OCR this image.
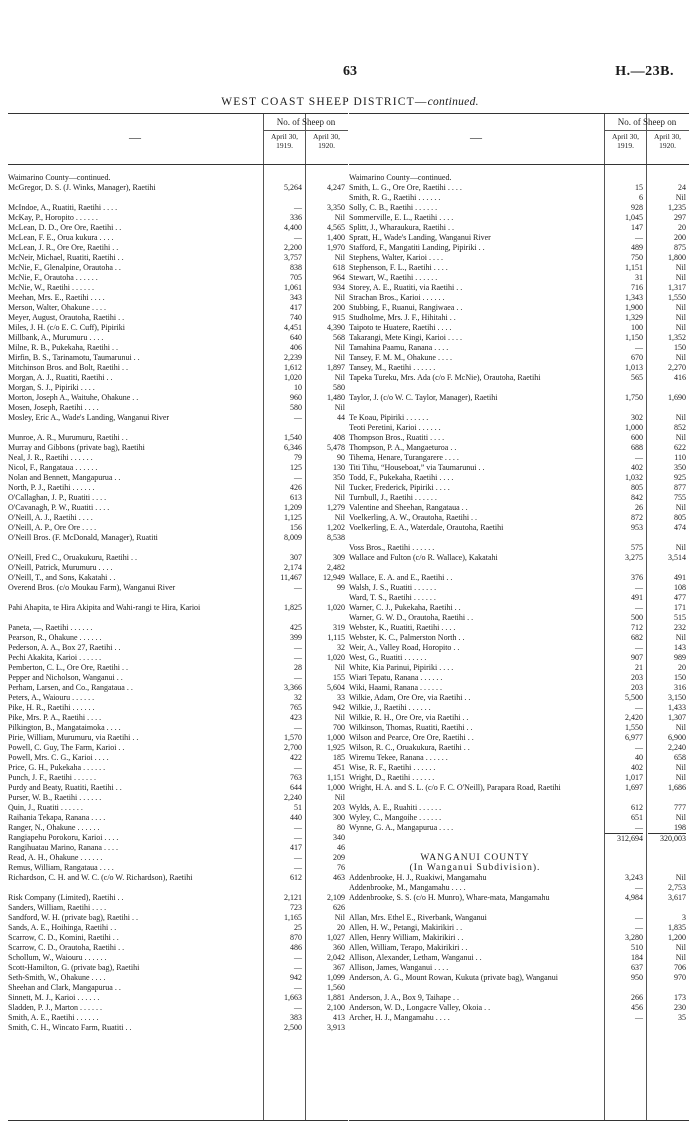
63	H.—23B.
WEST COAST SHEEP DISTRICT—continued.
—
No. of Sheep on
April 30, 1919.
April 30, 1920.
Waimarino County—continued.
McGregor, D. S. (J. Winks, Manager), Raetihi	5,264	4,247
McIndoe, A., Ruatiti, Raetihi . . . .	—	3,350
McKay, P., Horopito . . . . . .	336	Nil
McLean, D. D., Ore Ore, Raetihi . .	4,400	4,565
McLean, F. E., Orua kukura . . . .	—	1,400
McLean, J. R., Ore Ore, Raetihi . .	2,200	1,970
McNeir, Michael, Ruatiti, Raetihi . .	3,757	Nil
McNie, F., Glenalpine, Orautoha . .	838	618
McNie, F., Orautoha . . . . . .	705	964
McNie, W., Raetihi . . . . . .	1,061	934
Meehan, Mrs. E., Raetihi . . . .	343	Nil
Merson, Walter, Ohakune . . . .	417	200
Meyer, August, Orautoha, Raetihi . .	740	915
Miles, J. H. (c/o E. C. Cuff), Pipiriki	4,451	4,390
Millbank, A., Murumuru . . . .	640	568
Milne, R. B., Pukekaha, Raetihi . .	406	Nil
Mirfin, B. S., Tarinamotu, Taumarunui . .	2,239	Nil
Mitchinson Bros. and Bolt, Raetihi . .	1,612	1,897
Morgan, A. J., Ruatiti, Raetihi . .	1,020	Nil
Morgan, S. J., Pipiriki . . . .	10	580
Morton, Joseph A., Waituhe, Ohakune . .	960	1,480
Mosen, Joseph, Raetihi . . . .	580	Nil
Mosley, Eric A., Wade's Landing, Wanganui River	—	44
Munroe, A. R., Murumuru, Raetihi . .	1,540	408
Murray and Gibbons (private bag), Raetihi	6,346	5,478
Neal, J. R., Raetihi . . . . . .	79	90
Nicol, F., Rangataua . . . . . .	125	130
Nolan and Bennett, Mangapurua . .	—	350
North, P. J., Raetihi . . . . . .	426	Nil
O'Callaghan, J. P., Ruatiti . . . .	613	Nil
O'Cavanagh, P. W., Ruatiti . . . .	1,209	1,279
O'Neill, A. J., Raetihi . . . .	1,125	Nil
O'Neill, A. P., Ore Ore . . . .	156	1,202
O'Neill Bros. (F. McDonald, Manager), Ruatiti	8,009	8,538
O'Neill, Fred C., Oruakukuru, Raetihi . .	307	309
O'Neill, Patrick, Murumuru . . . .	2,174	2,482
O'Neill, T., and Sons, Kakatahi . .	11,467	12,949
Overend Bros. (c/o Moukau Farm), Wanganui River	—	99
Pahi Ahapita, te Hira Akipita and Wahi-rangi te Hira, Karioi	1,825	1,020
Paneta, —, Raetihi . . . . . .	425	319
Pearson, R., Ohakune . . . . . .	399	1,115
Pederson, A. A., Box 27, Raetihi . .	—	32
Pechi Akakita, Karioi . . . . . .	—	1,020
Pemberton, C. L., Ore Ore, Raetihi . .	28	Nil
Pepper and Nicholson, Wanganui . .	—	155
Perham, Larsen, and Co., Rangataua . .	3,366	5,604
Peters, A., Waiouru . . . . . .	32	33
Pike, H. R., Raetihi . . . . . .	765	942
Pike, Mrs. P. A., Raetihi . . . .	423	Nil
Pilkington, B., Mangataimoka . . . .	—	700
Pirie, William, Murumuru, via Raetihi . .	1,570	1,000
Powell, C. Guy, The Farm, Karioi . .	2,700	1,925
Powell, Mrs. C. G., Karioi . . . .	422	185
Price, G. H., Pukekaha . . . . . .	—	451
Punch, J. F., Raetihi . . . . . .	763	1,151
Purdy and Beaty, Ruatiti, Raetihi . .	644	1,000
Purser, W. B., Raetihi . . . . . .	2,240	Nil
Quin, J., Ruatiti . . . . . .	51	203
Raihania Tekapa, Ranana . . . .	440	300
Ranger, N., Ohakune . . . . . .	—	80
Rangiapehu Porokoru, Karioi . . . .	—	340
Rangihuatau Marino, Ranana . . . .	417	46
Read, A. H., Ohakune . . . . . .	—	209
Remus, William, Rangataua . . . .	—	76
Richardson, C. H. and W. C. (c/o W. Richardson), Raetihi	612	463
Risk Company (Limited), Raetihi . .	2,121	2,109
Sanders, William, Raetihi . . . .	723	626
Sandford, W. H. (private bag), Raetihi . .	1,165	Nil
Sands, A. E., Hoihinga, Raetihi . .	25	20
Scarrow, C. D., Komini, Raetihi . .	870	1,027
Scarrow, C. D., Orautoha, Raetihi . .	486	360
Schollum, W., Waiouru . . . . . .	—	2,042
Scott-Hamilton, G. (private bag), Raetihi	—	367
Seth-Smith, W., Ohakune . . . .	942	1,099
Sheehan and Clark, Mangapurua . .	—	1,560
Sinnett, M. J., Karioi . . . . . .	1,663	1,881
Sladden, P. J., Marton . . . . . .	—	2,100
Smith, A. E., Raetihi . . . . . .	383	413
Smith, C. H., Wincato Farm, Ruatiti . .	2,500	3,913
—
No. of Sheep on
April 30, 1919.
April 30, 1920.
Waimarino County—continued.
Smith, L. G., Ore Ore, Raetihi . . . .	15	24
Smith, R. G., Raetihi . . . . . .	6	Nil
Solly, C. B., Raetihi . . . . . .	928	1,235
Sommerville, E. L., Raetihi . . . .	1,045	297
Splitt, J., Wharaukura, Raetihi . .	147	20
Spratt, H., Wade's Landing, Wanganui River	—	200
Stafford, F., Mangatiti Landing, Pipiriki . .	489	875
Stephens, Walter, Karioi . . . .	750	1,800
Stephenson, F. L., Raetihi . . . .	1,151	Nil
Stewart, W., Raetihi . . . . . .	31	Nil
Storey, A. E., Ruatiti, via Raetihi . .	716	1,317
Strachan Bros., Karioi . . . . . .	1,343	1,550
Stubbing, F., Ruanui, Rangiwaea . .	1,900	Nil
Studholme, Mrs. J. F., Hihitahi . .	1,329	Nil
Taipoto te Huatere, Raetihi . . . .	100	Nil
Takarangi, Mete Kingi, Karioi . . . .	1,150	1,352
Tamahina Paamu, Ranana . . . .	—	150
Tansey, F. M. M., Ohakune . . . .	670	Nil
Tansey, M., Raetihi . . . . . .	1,013	2,270
Tapeka Tureku, Mrs. Ada (c/o F. McNie), Orautoha, Raetihi	565	416
Taylor, J. (c/o W. C. Taylor, Manager), Raetihi	1,750	1,690
Te Koau, Pipiriki . . . . . .	302	Nil
Teoti Peretini, Karioi . . . . . .	1,000	852
Thompson Bros., Ruatiti . . . .	600	Nil
Thompson, P. A., Mangaeturoa . .	688	622
Tihema, Henare, Turangarere . . . .	—	110
Titi Tihu, “Houseboat,” via Taumarunui . .	402	350
Todd, F., Pukekaha, Raetihi . . . .	1,032	925
Tucker, Frederick, Pipiriki . . . .	805	877
Turnbull, J., Raetihi . . . . . .	842	755
Valentine and Sheehan, Rangataua . .	26	Nil
Voelkerling, A. W., Orautoha, Raetihi . .	872	805
Voelkerling, E. A., Waterdale, Orautoha, Raetihi	953	474
Voss Bros., Raetihi . . . . . .	575	Nil
Wallace and Fulton (c/o R. Wallace), Kakatahi	3,275	3,514
Wallace, E. A. and E., Raetihi . .	376	491
Walsh, J. S., Ruatiti . . . . . .	—	108
Ward, T. S., Raetihi . . . . . .	491	477
Warner, C. J., Pukekaha, Raetihi . .	—	171
Warner, G. W. D., Orautoha, Raetihi . .	500	515
Webster, K., Ruatiti, Raetihi . . . .	712	232
Webster, K. C., Palmerston North . .	682	Nil
Weir, A., Valley Road, Horopito . .	—	143
West, G., Ruatiti . . . . . .	907	989
White, Kia Parinui, Pipiriki . . . .	21	20
Wiari Tepatu, Ranana . . . . . .	203	150
Wiki, Haami, Ranana . . . . . .	203	316
Wilkie, Adam, Ore Ore, via Raetihi . .	5,500	3,150
Wilkie, J., Raetihi . . . . . .	—	1,433
Wilkie, R. H., Ore Ore, via Raetihi . .	2,420	1,307
Wilkinson, Thomas, Ruatiti, Raetihi . .	1,550	Nil
Wilson and Pearce, Ore Ore, Raetihi . .	6,977	6,900
Wilson, R. C., Oruakukura, Raetihi . .	—	2,240
Wiremu Tekee, Ranana . . . . . .	40	658
Wise, R. F., Raetihi . . . . . .	402	Nil
Wright, D., Raetihi . . . . . .	1,017	Nil
Wright, H. A. and S. L. (c/o F. C. O'Neill), Parapara Road, Raetihi	1,697	1,686
Wylds, A. E., Ruahiti . . . . . .	612	777
Wyley, C., Mangoihe . . . . . .	651	Nil
Wynne, G. A., Mangapurua . . . .	—	198
312,694	320,003
WANGANUI COUNTY
(In Wanganui Subdivision).
Addenbrooke, H. J., Ruakiwi, Mangamahu	3,243	Nil
Addenbrooke, M., Mangamahu . . . .	—	2,753
Addenbrooke, S. S. (c/o H. Munro), Whare-mata, Mangamahu	4,984	3,617
Allan, Mrs. Ethel E., Riverbank, Wanganui	—	3
Allen, H. W., Petangi, Makirikiri . .	—	1,835
Allen, Henry William, Makirikiri . .	3,280	1,200
Allen, William, Terapo, Makirikiri . .	510	Nil
Allison, Alexander, Letham, Wanganui . .	184	Nil
Allison, James, Wanganui . . . .	637	706
Anderson, A. G., Mount Rowan, Kukuta (private bag), Wanganui	950	970
Anderson, J. A., Box 9, Taihape . .	266	173
Anderson, W. D., Longacre Valley, Okoia . .	456	230
Archer, H. J., Mangamahu . . . .	—	35
